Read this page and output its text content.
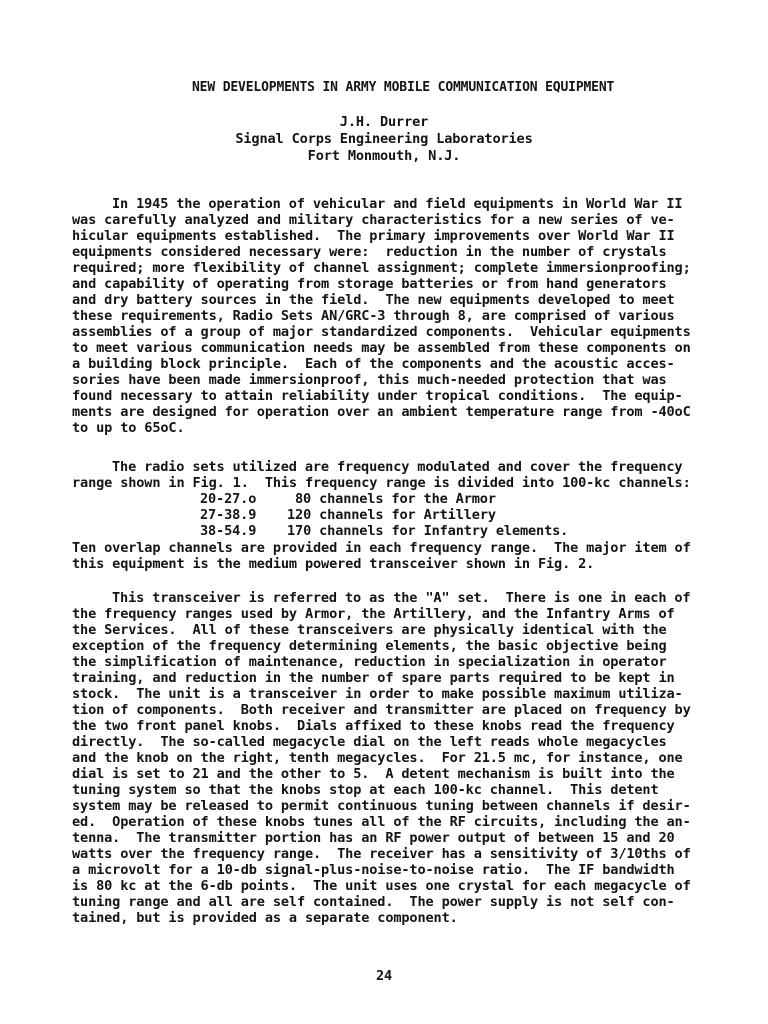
NEW DEVELOPMENTS IN ARMY MOBILE COMMUNICATION EQUIPMENT
J.H. Durrer
Signal Corps Engineering Laboratories
Fort Monmouth, N.J.
In 1945 the operation of vehicular and field equipments in World War II
was carefully analyzed and military characteristics for a new series of ve-
hicular equipments established.  The primary improvements over World War II
equipments considered necessary were:  reduction in the number of crystals
required; more flexibility of channel assignment; complete immersionproofing;
and capability of operating from storage batteries or from hand generators
and dry battery sources in the field.  The new equipments developed to meet
these requirements, Radio Sets AN/GRC-3 through 8, are comprised of various
assemblies of a group of major standardized components.  Vehicular equipments
to meet various communication needs may be assembled from these components on
a building block principle.  Each of the components and the acoustic acces-
sories have been made immersionproof, this much-needed protection that was
found necessary to attain reliability under tropical conditions.  The equip-
ments are designed for operation over an ambient temperature range from -40oC
to up to 65oC.
The radio sets utilized are frequency modulated and cover the frequency
range shown in Fig. 1.  This frequency range is divided into 100-kc channels:
20-27.o	80 channels for the Armor
27-38.9 120 channels for Artillery
38-54.9 170 channels for Infantry elements.
Ten overlap channels are provided in each frequency range.  The major item of
this equipment is the medium powered transceiver shown in Fig. 2.
This transceiver is referred to as the "A" set.  There is one in each of
the frequency ranges used by Armor, the Artillery, and the Infantry Arms of
the Services.  All of these transceivers are physically identical with the
exception of the frequency determining elements, the basic objective being
the simplification of maintenance, reduction in specialization in operator
training, and reduction in the number of spare parts required to be kept in
stock.  The unit is a transceiver in order to make possible maximum utiliza-
tion of components.  Both receiver and transmitter are placed on frequency by
the two front panel knobs.  Dials affixed to these knobs read the frequency
directly.  The so-called megacycle dial on the left reads whole megacycles
and the knob on the right, tenth megacycles.  For 21.5 mc, for instance, one
dial is set to 21 and the other to 5.  A detent mechanism is built into the
tuning system so that the knobs stop at each 100-kc channel.  This detent
system may be released to permit continuous tuning between channels if desir-
ed.  Operation of these knobs tunes all of the RF circuits, including the an-
tenna.  The transmitter portion has an RF power output of between 15 and 20
watts over the frequency range.  The receiver has a sensitivity of 3/10ths of
a microvolt for a 10-db signal-plus-noise-to-noise ratio.  The IF bandwidth
is 80 kc at the 6-db points.  The unit uses one crystal for each megacycle of
tuning range and all are self contained.  The power supply is not self con-
tained, but is provided as a separate component.
24
